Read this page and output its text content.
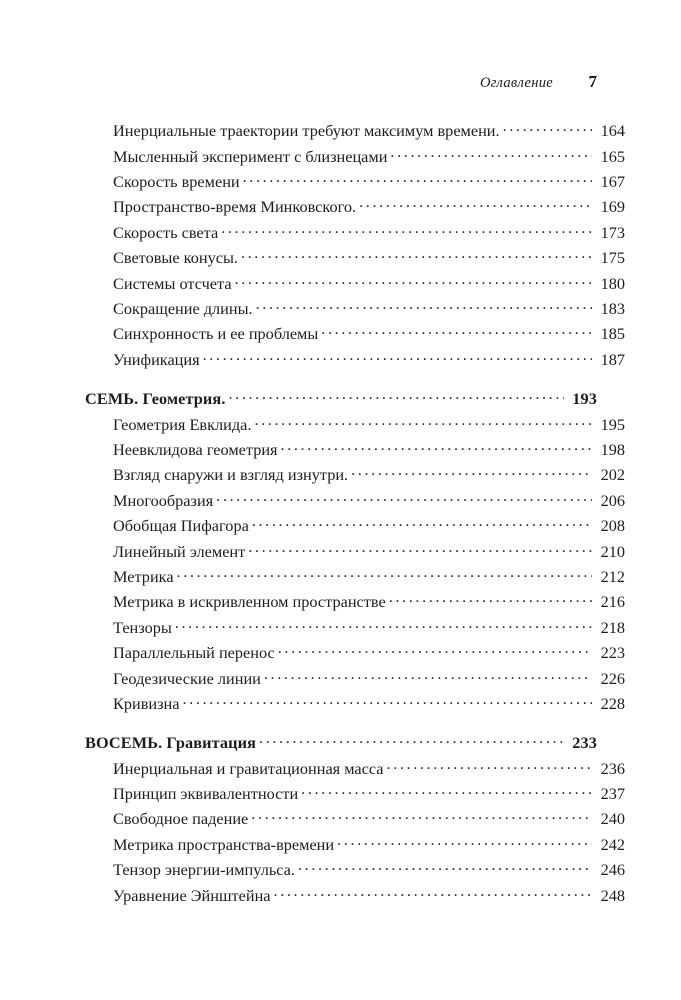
Оглавление	7
Инерциальные траектории требуют максимум времени. .....	164
Мысленный эксперимент с близнецами .....	165
Скорость времени .....	167
Пространство-время Минковского. .....	169
Скорость света .....	173
Световые конусы. .....	175
Системы отсчета .....	180
Сокращение длины. .....	183
Синхронность и ее проблемы .....	185
Унификация .....	187
СЕМЬ. Геометрия. .....	193
Геометрия Евклида. .....	195
Неевклидова геометрия .....	198
Взгляд снаружи и взгляд изнутри. .....	202
Многообразия .....	206
Обобщая Пифагора .....	208
Линейный элемент .....	210
Метрика .....	212
Метрика в искривленном пространстве .....	216
Тензоры .....	218
Параллельный перенос .....	223
Геодезические линии .....	226
Кривизна .....	228
ВОСЕМЬ. Гравитация .....	233
Инерциальная и гравитационная масса .....	236
Принцип эквивалентности .....	237
Свободное падение .....	240
Метрика пространства-времени .....	242
Тензор энергии-импульса. .....	246
Уравнение Эйнштейна .....	248
